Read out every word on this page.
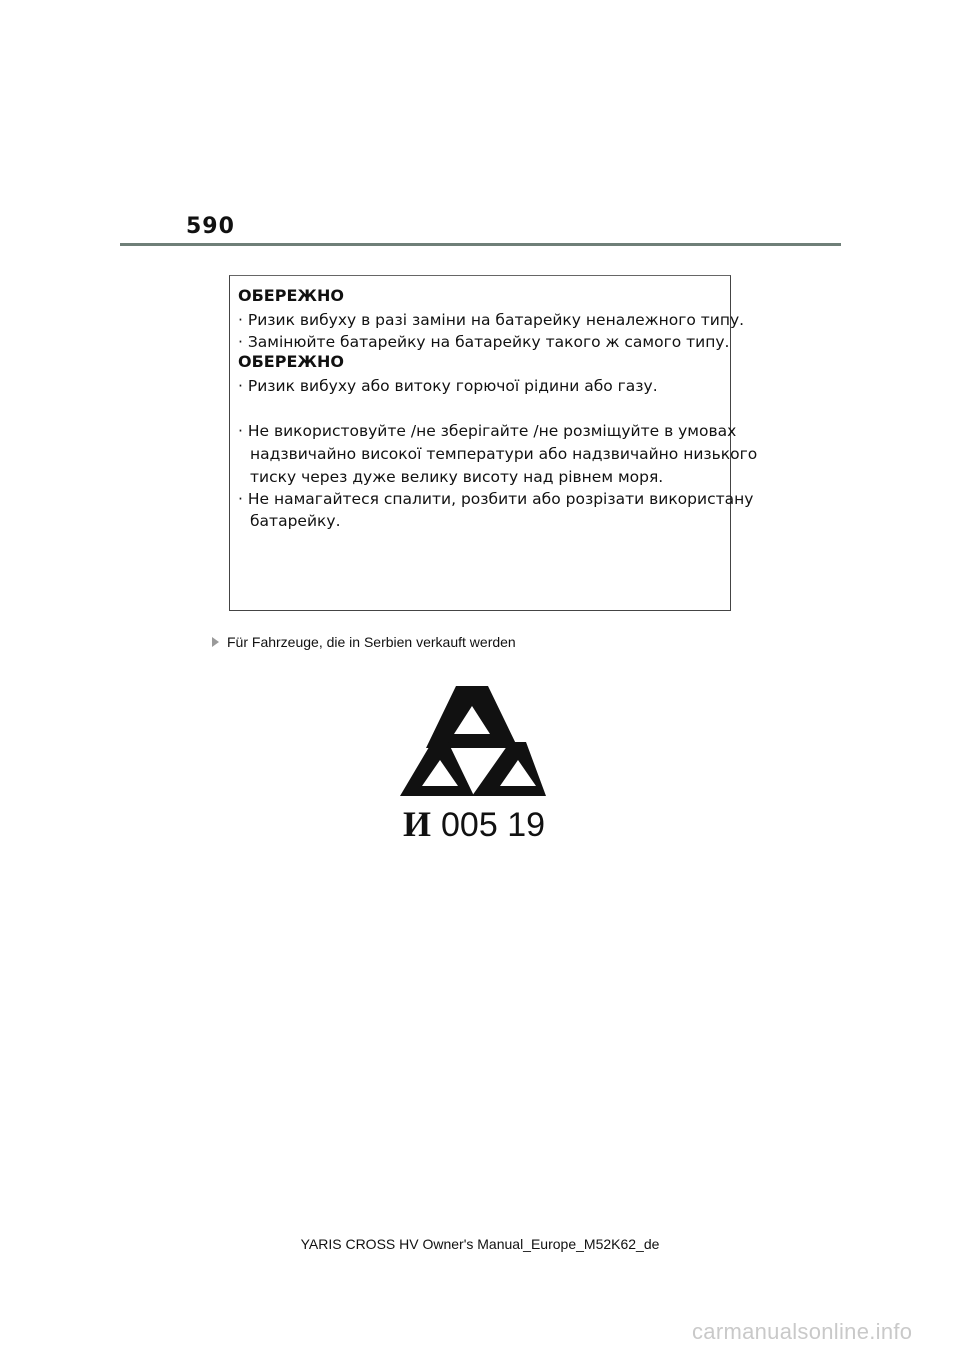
590
ОБЕРЕЖНО
· Ризик вибуху в разі заміни на батарейку неналежного типу.
· Замінюйте батарейку на батарейку такого ж самого типу.
ОБЕРЕЖНО
· Ризик вибуху або витоку горючої рідини або газу.
· Не використовуйте /не зберігайте /не розміщуйте в умовах
надзвичайно високої температури або надзвичайно низького
тиску через дуже велику висоту над рівнем моря.
· Не намагайтеся спалити, розбити або розрізати використану
батарейку.
Für Fahrzeuge, die in Serbien verkauft werden
И 005 19
YARIS CROSS HV Owner's Manual_Europe_M52K62_de
carmanualsonline.info
